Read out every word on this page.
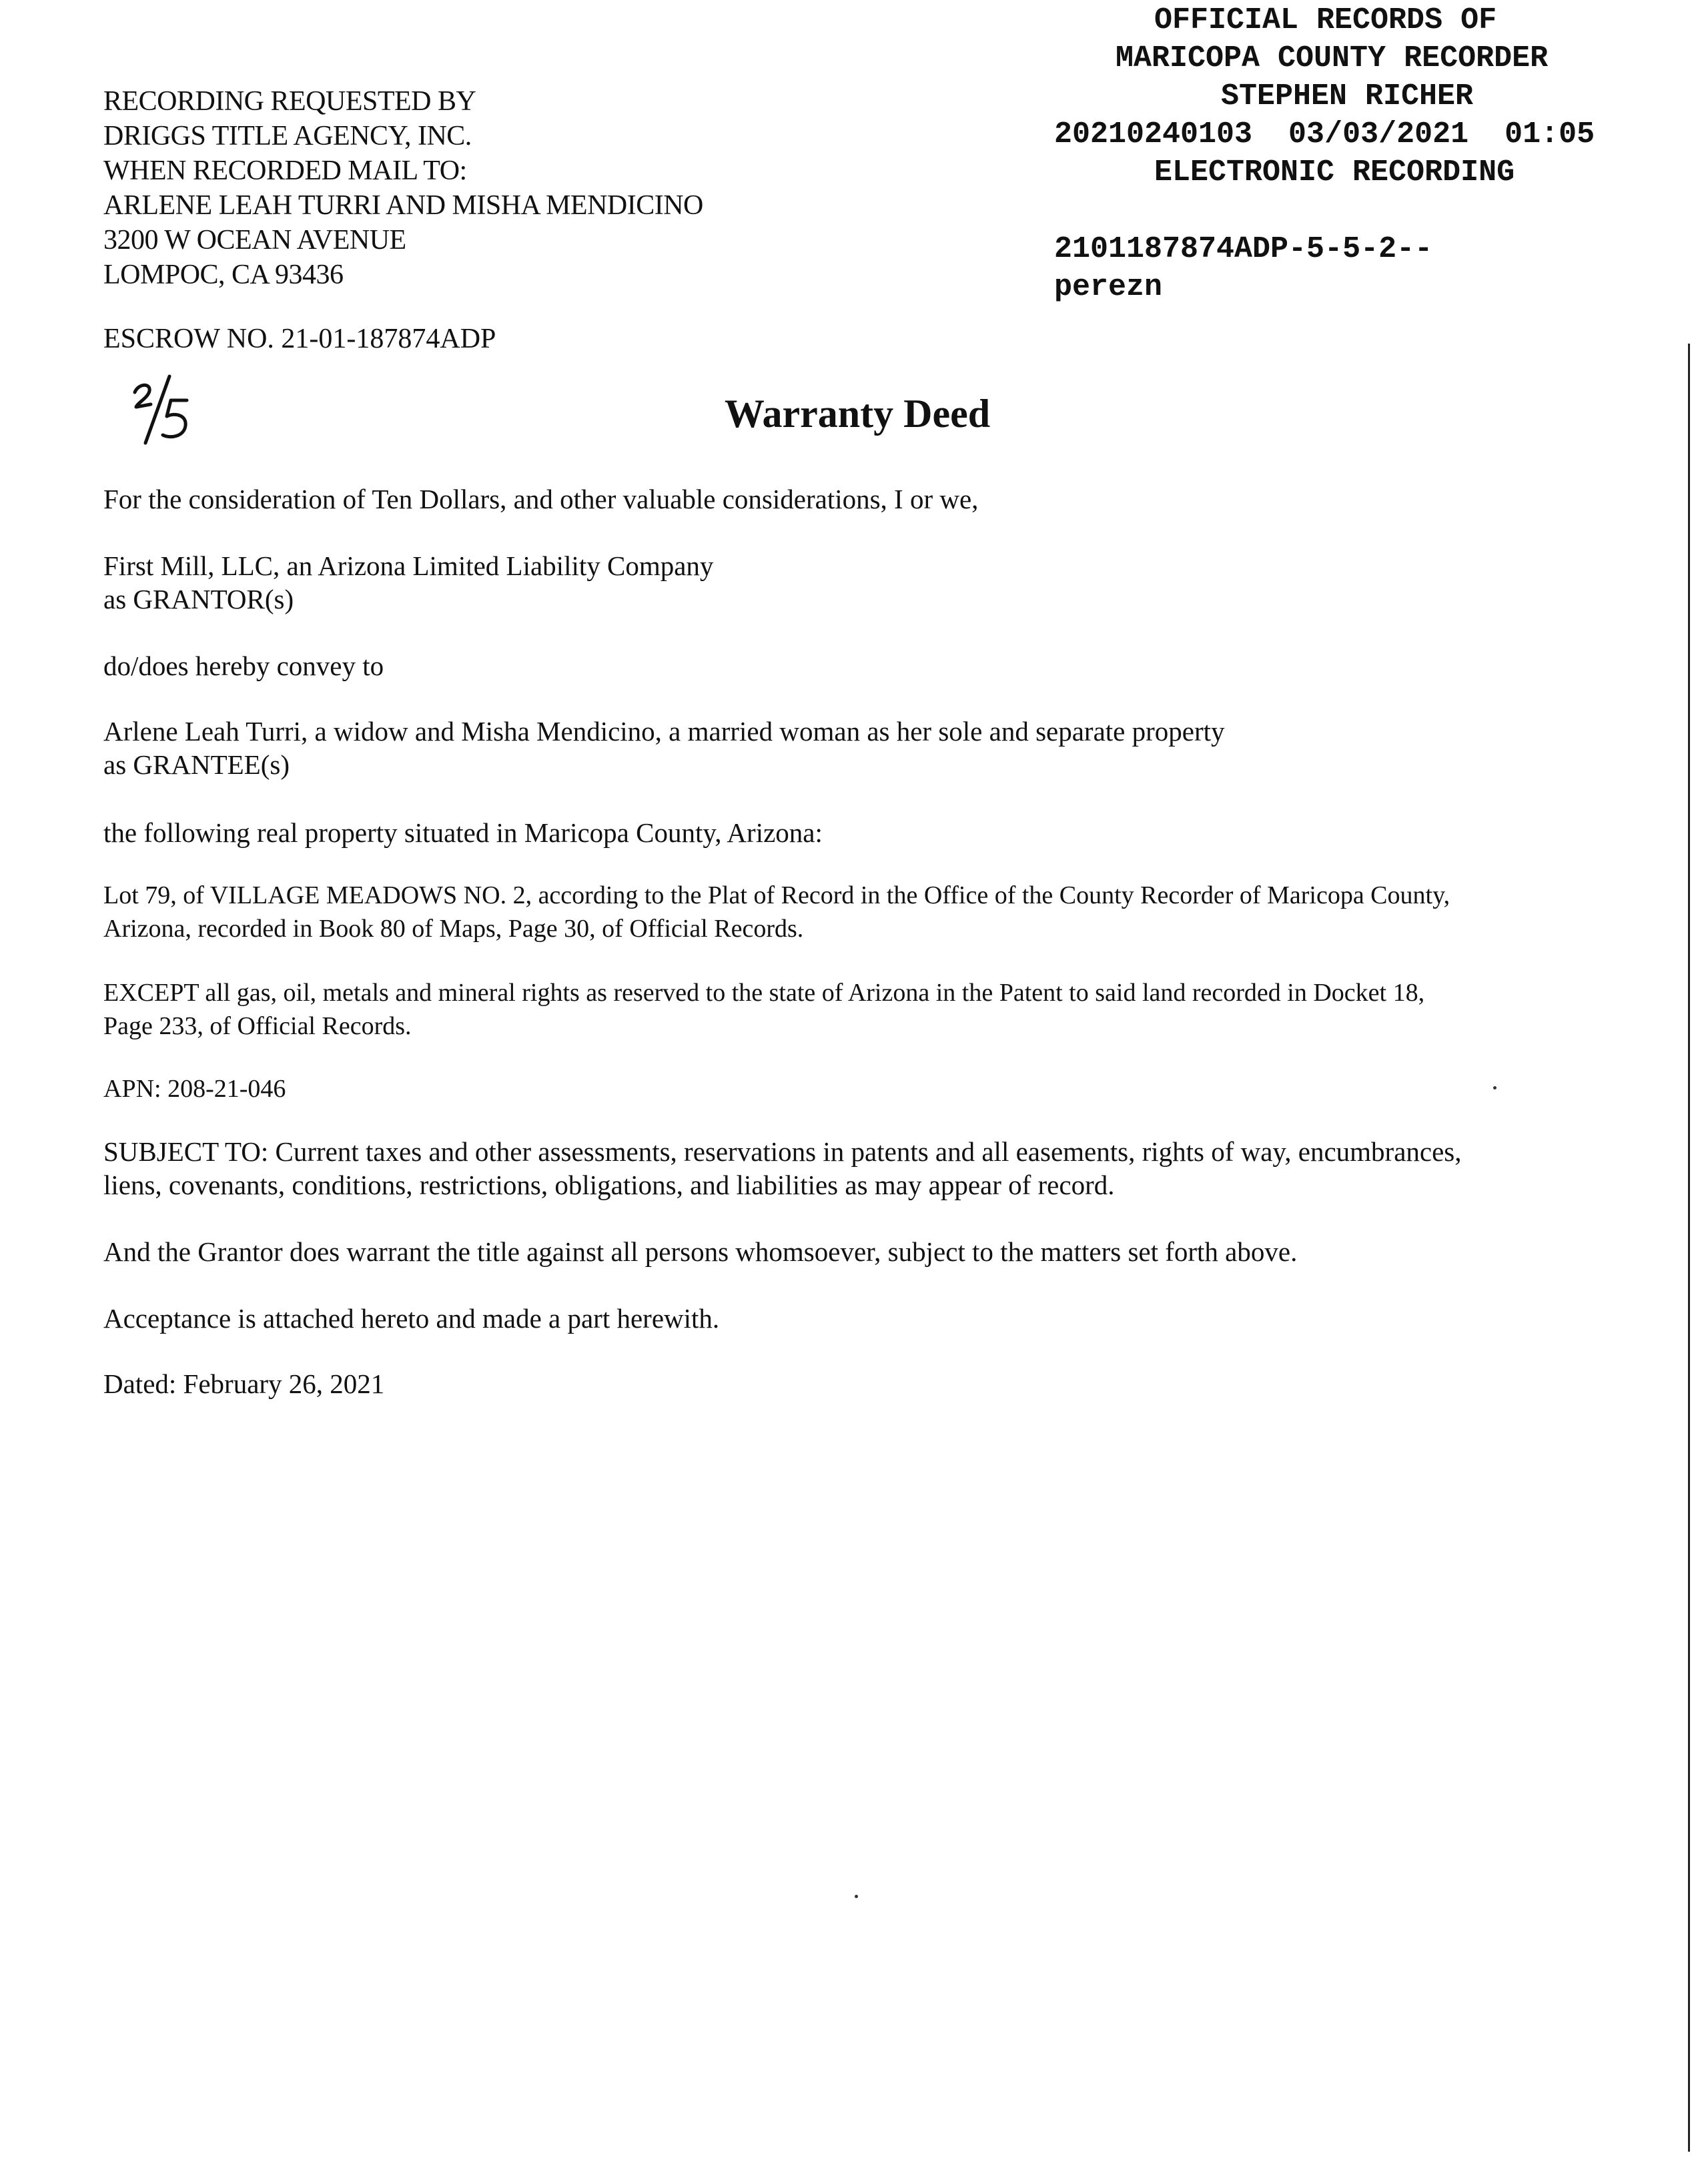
OFFICIAL RECORDS OF
MARICOPA COUNTY RECORDER
STEPHEN RICHER
20210240103  03/03/2021  01:05
ELECTRONIC RECORDING
2101187874ADP-5-5-2--
perezn
RECORDING REQUESTED BY
DRIGGS TITLE AGENCY, INC.
WHEN RECORDED MAIL TO:
ARLENE LEAH TURRI AND MISHA MENDICINO
3200 W OCEAN AVENUE
LOMPOC, CA 93436
ESCROW NO. 21-01-187874ADP
Warranty Deed
For the consideration of Ten Dollars, and other valuable considerations, I or we,
First Mill, LLC, an Arizona Limited Liability Company
as GRANTOR(s)
do/does hereby convey to
Arlene Leah Turri, a widow and Misha Mendicino, a married woman as her sole and separate property
as GRANTEE(s)
the following real property situated in Maricopa County, Arizona:
Lot 79, of VILLAGE MEADOWS NO. 2, according to the Plat of Record in the Office of the County Recorder of Maricopa County,
Arizona, recorded in Book 80 of Maps, Page 30, of Official Records.
EXCEPT all gas, oil, metals and mineral rights as reserved to the state of Arizona in the Patent to said land recorded in Docket 18,
Page 233, of Official Records.
APN: 208-21-046
SUBJECT TO: Current taxes and other assessments, reservations in patents and all easements, rights of way, encumbrances,
liens, covenants, conditions, restrictions, obligations, and liabilities as may appear of record.
And the Grantor does warrant the title against all persons whomsoever, subject to the matters set forth above.
Acceptance is attached hereto and made a part herewith.
Dated: February 26, 2021
